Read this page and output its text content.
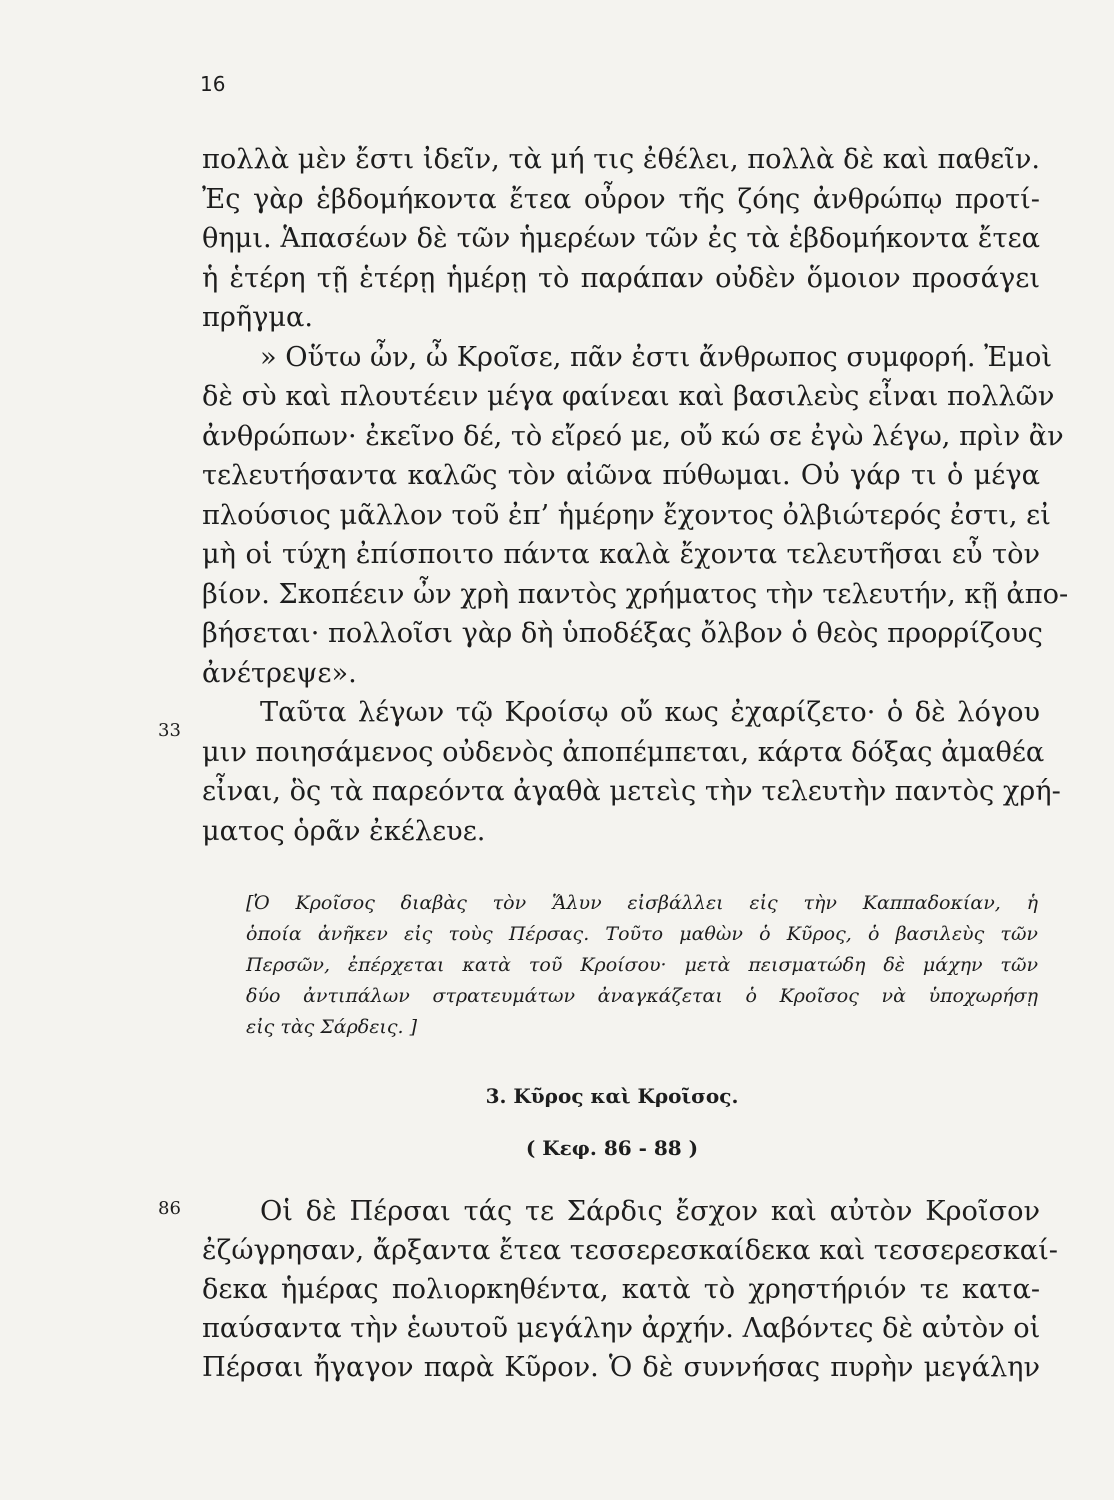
16
πολλὰ μὲν ἔστι ἰδεῖν, τὰ μή τις ἐθέλει, πολλὰ δὲ καὶ παθεῖν.
Ἐς γὰρ ἑβδομήκοντα ἔτεα οὖρον τῆς ζόης ἀνθρώπῳ προτί-
θημι. Ἁπασέων δὲ τῶν ἡμερέων τῶν ἐς τὰ ἑβδομήκοντα ἔτεα
ἡ ἑτέρη τῇ ἑτέρῃ ἡμέρῃ τὸ παράπαν οὐδὲν ὅμοιον προσάγει
πρῆγμα.
» Οὕτω ὦν, ὦ Κροῖσε, πᾶν ἐστι ἄνθρωπος συμφορή. Ἐμοὶ
δὲ σὺ καὶ πλουτέειν μέγα φαίνεαι καὶ βασιλεὺς εἶναι πολλῶν
ἀνθρώπων· ἐκεῖνο δέ, τὸ εἴρεό με, οὔ κώ σε ἐγὼ λέγω, πρὶν ἂν
τελευτήσαντα καλῶς τὸν αἰῶνα πύθωμαι. Οὐ γάρ τι ὁ μέγα
πλούσιος μᾶλλον τοῦ ἐπ’ ἡμέρην ἔχοντος ὀλβιώτερός ἐστι, εἰ
μὴ οἱ τύχη ἐπίσποιτο πάντα καλὰ ἔχοντα τελευτῆσαι εὖ τὸν
βίον. Σκοπέειν ὦν χρὴ παντὸς χρήματος τὴν τελευτήν, κῇ ἀπο-
βήσεται· πολλοῖσι γὰρ δὴ ὑποδέξας ὄλβον ὁ θεὸς προρρίζους
ἀνέτρεψε».
Ταῦτα λέγων τῷ Κροίσῳ οὔ κως ἐχαρίζετο· ὁ δὲ λόγου
μιν ποιησάμενος οὐδενὸς ἀποπέμπεται, κάρτα δόξας ἀμαθέα
εἶναι, ὃς τὰ παρεόντα ἀγαθὰ μετεὶς τὴν τελευτὴν παντὸς χρή-
ματος ὁρᾶν ἐκέλευε.
33
[Ὁ Κροῖσος διαβὰς τὸν Ἅλυν εἰσβάλλει εἰς τὴν Καππαδοκίαν, ἡ
ὁποία ἀνῆκεν εἰς τοὺς Πέρσας. Τοῦτο μαθὼν ὁ Κῦρος, ὁ βασιλεὺς τῶν
Περσῶν, ἐπέρχεται κατὰ τοῦ Κροίσου· μετὰ πεισματώδη δὲ μάχην τῶν
δύο ἀντιπάλων στρατευμάτων ἀναγκάζεται ὁ Κροῖσος νὰ ὑποχωρήσῃ
εἰς τὰς Σάρδεις. ]
3. Κῦρος καὶ Κροῖσος.
( Κεφ. 86 - 88 )
86	Οἱ δὲ Πέρσαι τάς τε Σάρδις ἔσχον καὶ αὐτὸν Κροῖσον
ἐζώγρησαν, ἄρξαντα ἔτεα τεσσερεσκαίδεκα καὶ τεσσερεσκαί-
δεκα ἡμέρας πολιορκηθέντα, κατὰ τὸ χρηστήριόν τε κατα-
παύσαντα τὴν ἑωυτοῦ μεγάλην ἀρχήν. Λαβόντες δὲ αὐτὸν οἱ
Πέρσαι ἤγαγον παρὰ Κῦρον. Ὁ δὲ συννήσας πυρὴν μεγάλην
